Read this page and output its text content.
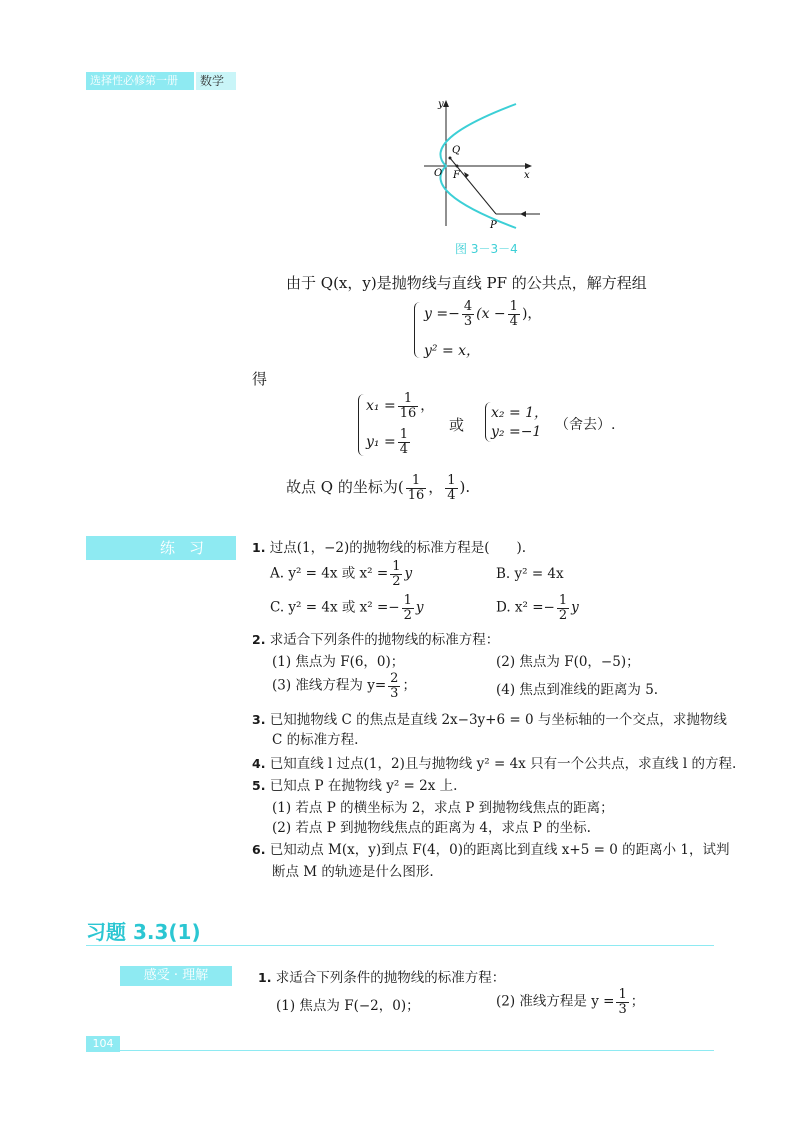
选择性必修第一册	数学
y
x
O F
Q
P
图 3－3－4
由于 Q(x，y)是抛物线与直线 PF 的公共点，解方程组
$y =- \frac{4}{3} (x - \frac{1}{4}$ )，
y² = x，
得
$x_1 = \frac{1}{16}$ ，
$y_1 = \frac{1}{4}$
或
x₂ = 1，
y₂ =−1 （舍去）.
故点 Q 的坐标为( $\frac{1}{16}$ ， $\frac{1}{4}$ ).
练习	1. 过点(1，−2)的抛物线的标准方程是(　　).
A. y² = 4x 或 $x^2 = \frac{1}{2}$ y	B. y² = 4x
C. y² = 4x 或 $x^2 =- \frac{1}{2}$ y	D. $x^2 =- \frac{1}{2}$ y
2. 求适合下列条件的抛物线的标准方程：
(1) 焦点为 F(6，0)；	(2) 焦点为 F(0，−5)；
(3) 准线方程为 $y= \frac{2}{3}$ ；	(4) 焦点到准线的距离为 5.
3. 已知抛物线 C 的焦点是直线 2x−3y+6 = 0 与坐标轴的一个交点，求抛物线
C 的标准方程.
4. 已知直线 l 过点(1，2)且与抛物线 y² = 4x 只有一个公共点，求直线 l 的方程.
5. 已知点 P 在抛物线 y² = 2x 上.
(1) 若点 P 的横坐标为 2，求点 P 到抛物线焦点的距离；
(2) 若点 P 到抛物线焦点的距离为 4，求点 P 的坐标.
6. 已知动点 M(x，y)到点 F(4，0)的距离比到直线 x+5 = 0 的距离小 1，试判
断点 M 的轨迹是什么图形.
习题 3.3(1)
感受 · 理解	1. 求适合下列条件的抛物线的标准方程：
(1) 焦点为 F(−2，0)；	(2) 准线方程是 $y = \frac{1}{3}$ ；
104
